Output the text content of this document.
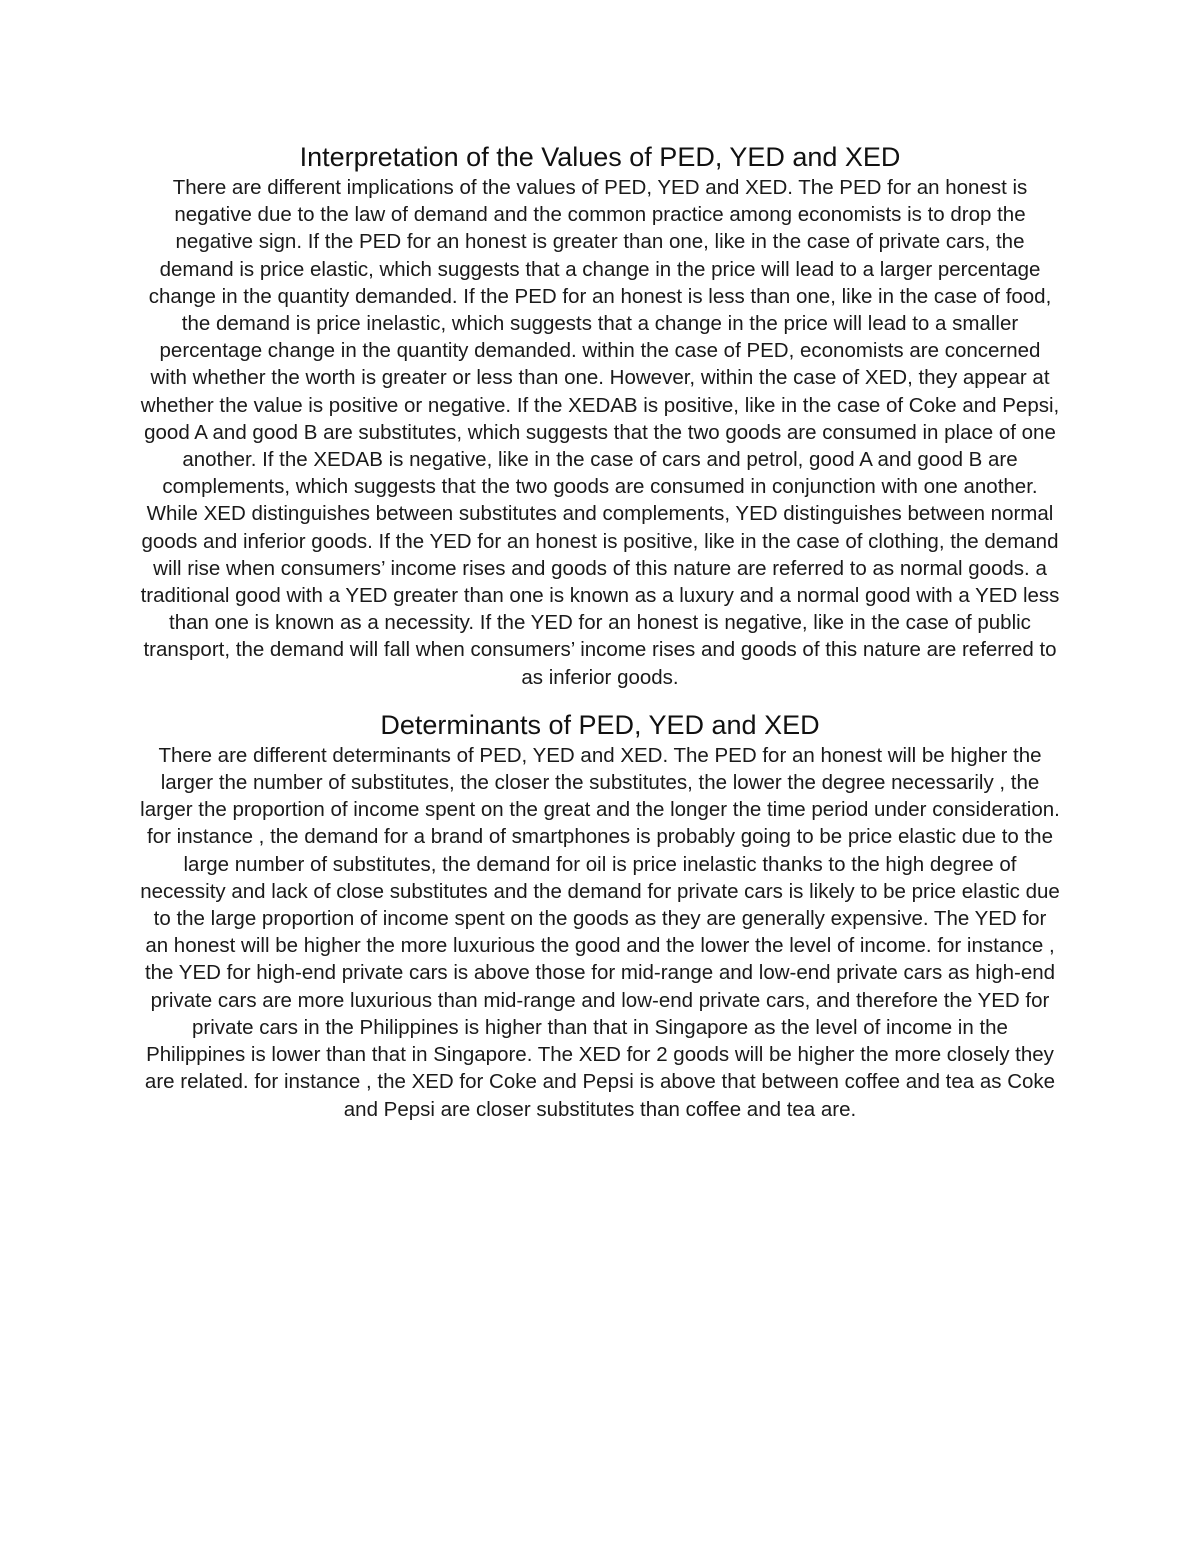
Interpretation of the Values of PED, YED and XED

There are different implications of the values of PED, YED and XED. The PED for an honest is negative due to the law of demand and the common practice among economists is to drop the negative sign. If the PED for an honest is greater than one, like in the case of private cars, the demand is price elastic, which suggests that a change in the price will lead to a larger percentage change in the quantity demanded. If the PED for an honest is less than one, like in the case of food, the demand is price inelastic, which suggests that a change in the price will lead to a smaller percentage change in the quantity demanded. within the case of PED, economists are concerned with whether the worth is greater or less than one. However, within the case of XED, they appear at whether the value is positive or negative. If the XEDAB is positive, like in the case of Coke and Pepsi, good A and good B are substitutes, which suggests that the two goods are consumed in place of one another. If the XEDAB is negative, like in the case of cars and petrol, good A and good B are complements, which suggests that the two goods are consumed in conjunction with one another. While XED distinguishes between substitutes and complements, YED distinguishes between normal goods and inferior goods. If the YED for an honest is positive, like in the case of clothing, the demand will rise when consumers’ income rises and goods of this nature are referred to as normal goods. a traditional good with a YED greater than one is known as a luxury and a normal good with a YED less than one is known as a necessity. If the YED for an honest is negative, like in the case of public transport, the demand will fall when consumers’ income rises and goods of this nature are referred to as inferior goods.

Determinants of PED, YED and XED

There are different determinants of PED, YED and XED. The PED for an honest will be higher the larger the number of substitutes, the closer the substitutes, the lower the degree necessarily , the larger the proportion of income spent on the great and the longer the time period under consideration. for instance , the demand for a brand of smartphones is probably going to be price elastic due to the large number of substitutes, the demand for oil is price inelastic thanks to the high degree of necessity and lack of close substitutes and the demand for private cars is likely to be price elastic due to the large proportion of income spent on the goods as they are generally expensive. The YED for an honest will be higher the more luxurious the good and the lower the level of income. for instance , the YED for high-end private cars is above those for mid-range and low-end private cars as high-end private cars are more luxurious than mid-range and low-end private cars, and therefore the YED for private cars in the Philippines is higher than that in Singapore as the level of income in the Philippines is lower than that in Singapore. The XED for 2 goods will be higher the more closely they are related. for instance , the XED for Coke and Pepsi is above that between coffee and tea as Coke and Pepsi are closer substitutes than coffee and tea are.
